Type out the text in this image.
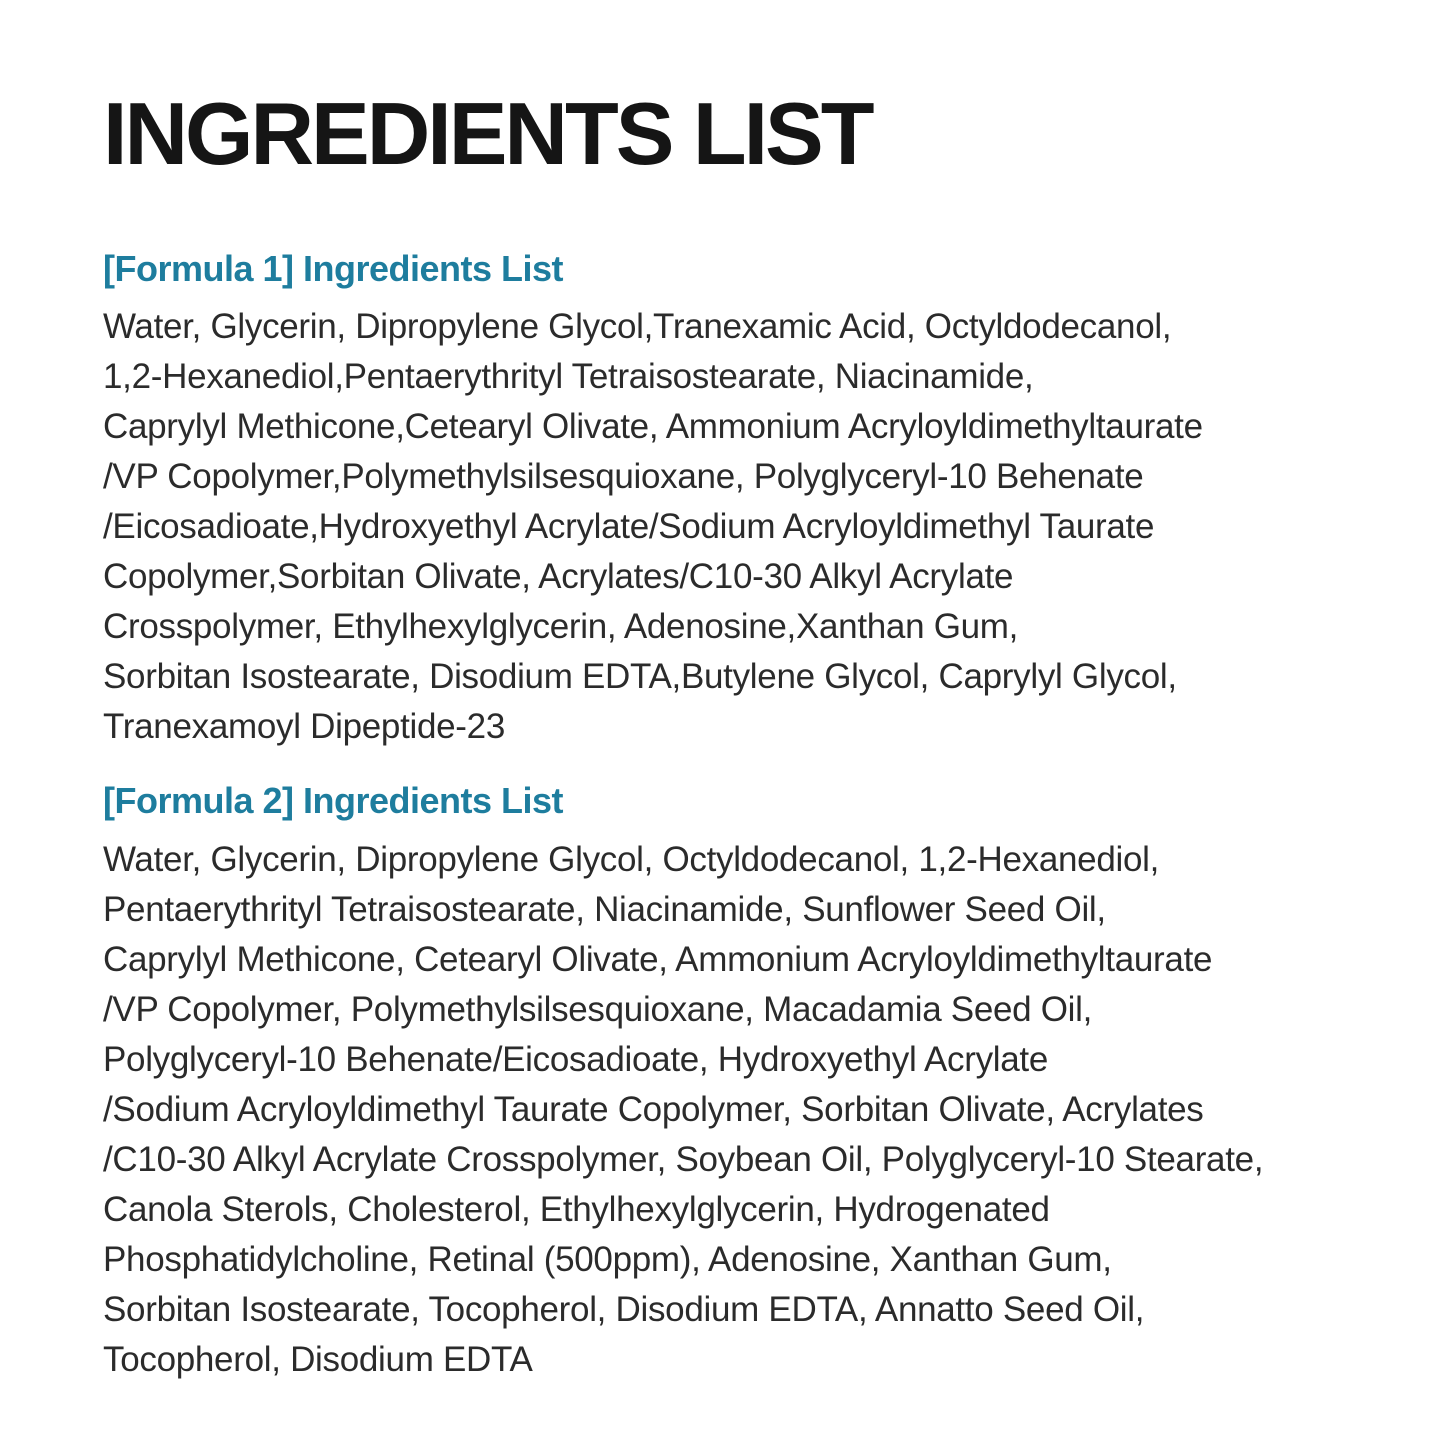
INGREDIENTS LIST
[Formula 1] Ingredients List

Water, Glycerin, Dipropylene Glycol,Tranexamic Acid, Octyldodecanol,

1,2-Hexanediol,Pentaerythrityl Tetraisostearate, Niacinamide,

Caprylyl Methicone,Cetearyl Olivate, Ammonium Acryloyldimethyltaurate

/VP Copolymer,Polymethylsilsesquioxane, Polyglyceryl-10 Behenate

/Eicosadioate,Hydroxyethyl Acrylate/Sodium Acryloyldimethyl Taurate

Copolymer,Sorbitan Olivate, Acrylates/C10-30 Alkyl Acrylate

Crosspolymer, Ethylhexylglycerin, Adenosine,Xanthan Gum,

Sorbitan Isostearate, Disodium EDTA,Butylene Glycol, Caprylyl Glycol,

Tranexamoyl Dipeptide-23

[Formula 2] Ingredients List

Water, Glycerin, Dipropylene Glycol, Octyldodecanol, 1,2-Hexanediol,

Pentaerythrityl Tetraisostearate, Niacinamide, Sunflower Seed Oil,

Caprylyl Methicone, Cetearyl Olivate, Ammonium Acryloyldimethyltaurate

/VP Copolymer, Polymethylsilsesquioxane, Macadamia Seed Oil,

Polyglyceryl-10 Behenate/Eicosadioate, Hydroxyethyl Acrylate

/Sodium Acryloyldimethyl Taurate Copolymer, Sorbitan Olivate, Acrylates

/C10-30 Alkyl Acrylate Crosspolymer, Soybean Oil, Polyglyceryl-10 Stearate,

Canola Sterols, Cholesterol, Ethylhexylglycerin, Hydrogenated

Phosphatidylcholine, Retinal (500ppm), Adenosine, Xanthan Gum,

Sorbitan Isostearate, Tocopherol, Disodium EDTA, Annatto Seed Oil,

Tocopherol, Disodium EDTA
